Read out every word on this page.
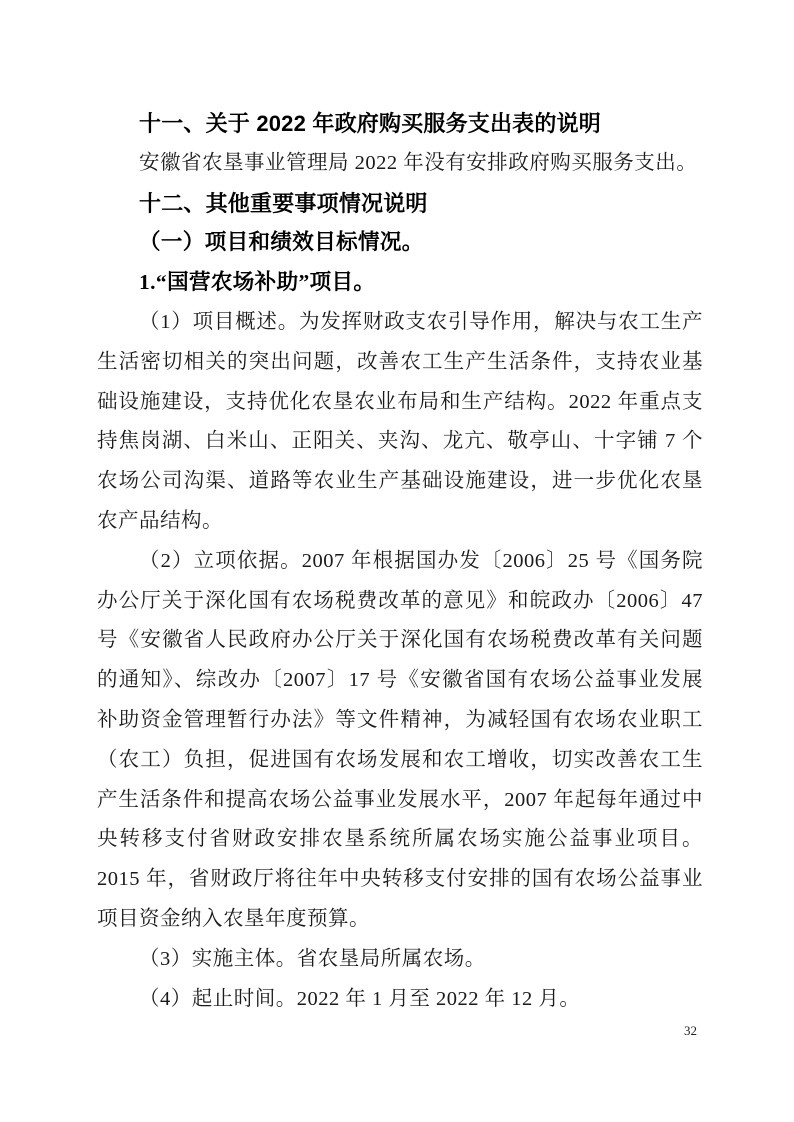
十一、关于 2022 年政府购买服务支出表的说明
安徽省农垦事业管理局 2022 年没有安排政府购买服务支出。
十二、其他重要事项情况说明
（一）项目和绩效目标情况。
1.“国营农场补助”项目。
（1）项目概述。为发挥财政支农引导作用，解决与农工生产
生活密切相关的突出问题，改善农工生产生活条件，支持农业基
础设施建设，支持优化农垦农业布局和生产结构。2022 年重点支
持焦岗湖、白米山、正阳关、夹沟、龙亢、敬亭山、十字铺 7 个
农场公司沟渠、道路等农业生产基础设施建设，进一步优化农垦
农产品结构。
（2）立项依据。2007 年根据国办发〔2006〕25 号《国务院
办公厅关于深化国有农场税费改革的意见》和皖政办〔2006〕47
号《安徽省人民政府办公厅关于深化国有农场税费改革有关问题
的通知》、综改办〔2007〕17 号《安徽省国有农场公益事业发展
补助资金管理暂行办法》等文件精神，为减轻国有农场农业职工
（农工）负担，促进国有农场发展和农工增收，切实改善农工生
产生活条件和提高农场公益事业发展水平，2007 年起每年通过中
央转移支付省财政安排农垦系统所属农场实施公益事业项目。
2015 年，省财政厅将往年中央转移支付安排的国有农场公益事业
项目资金纳入农垦年度预算。
（3）实施主体。省农垦局所属农场。
（4）起止时间。2022 年 1 月至 2022 年 12 月。
32
